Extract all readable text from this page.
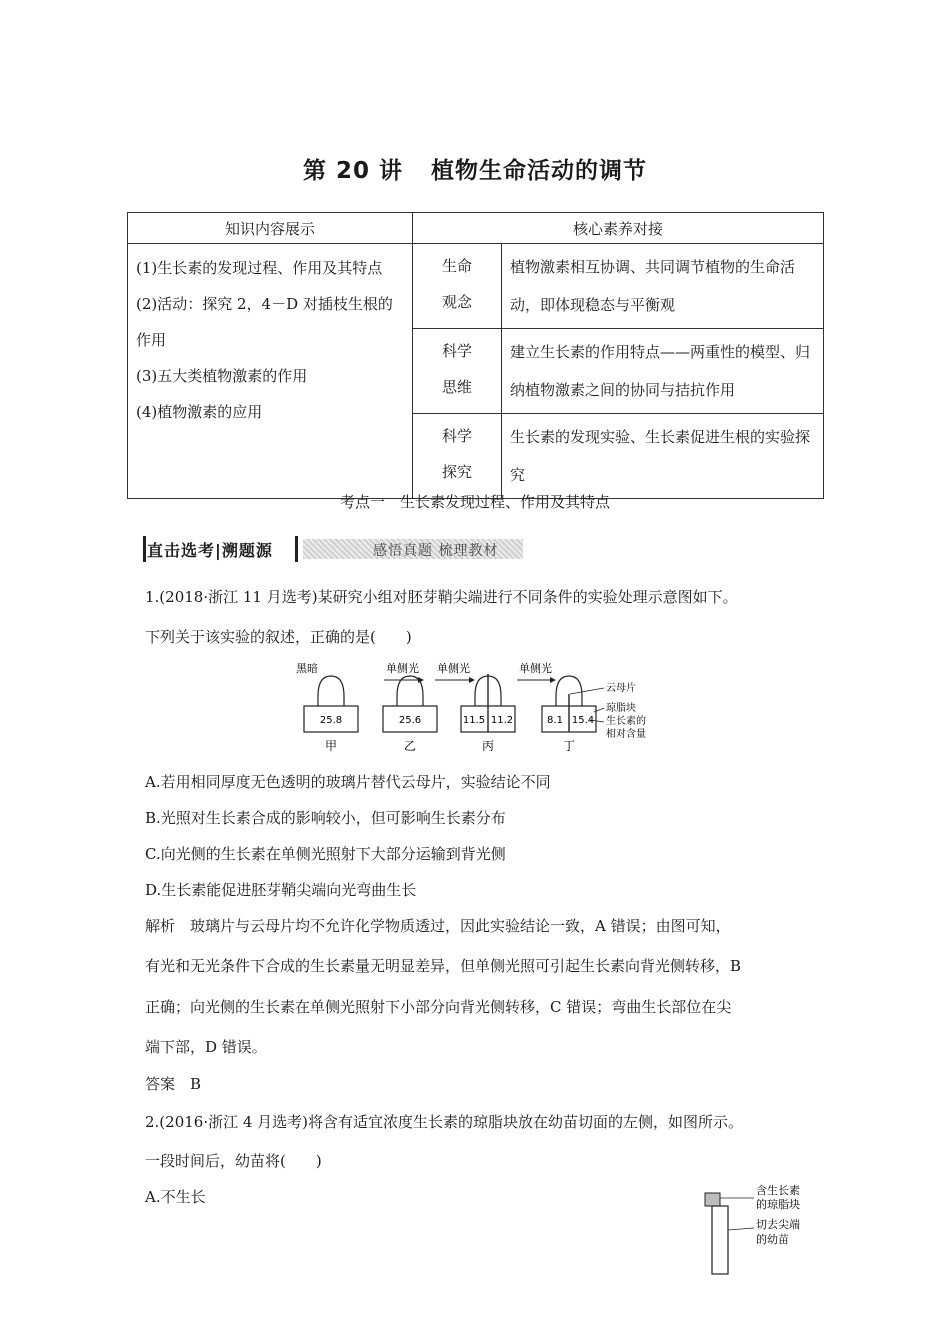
第 20 讲 植物生命活动的调节
知识内容展示	核心素养对接	

(1)生长素的发现过程、作用及其特点
(2)活动：探究 2，4－D 对插枝生根的作用
(3)五大类植物激素的作用
(4)植物激素的应用	生命观念	植物激素相互协调、共同调节植物的生命活动，即体现稳态与平衡观

	科学思维	建立生长素的作用特点——两重性的模型、归纳植物激素之间的协同与拮抗作用

	科学探究	生长素的发现实验、生长素促进生根的实验探究
考点一　生长素发现过程、作用及其特点
直击选考|溯题源	感悟真题 梳理教材
1.(2018·浙江 11 月选考)某研究小组对胚芽鞘尖端进行不同条件的实验处理示意图如下。
下列关于该实验的叙述，正确的是(　　)
黑暗
25.8
甲
单侧光
25.6
乙
单侧光
11.5 11.2
丙
单侧光
8.1 15.4
丁
云母片
琼脂块
生长素的
相对含量
A.若用相同厚度无色透明的玻璃片替代云母片，实验结论不同
B.光照对生长素合成的影响较小，但可影响生长素分布
C.向光侧的生长素在单侧光照射下大部分运输到背光侧
D.生长素能促进胚芽鞘尖端向光弯曲生长
解析　玻璃片与云母片均不允许化学物质透过，因此实验结论一致，A 错误；由图可知，
有光和无光条件下合成的生长素量无明显差异，但单侧光照可引起生长素向背光侧转移，B
正确；向光侧的生长素在单侧光照射下小部分向背光侧转移，C 错误；弯曲生长部位在尖
端下部，D 错误。
答案　B
2.(2016·浙江 4 月选考)将含有适宜浓度生长素的琼脂块放在幼苗切面的左侧，如图所示。
一段时间后，幼苗将(　　)
A.不生长	含生长素
的琼脂块
切去尖端
的幼苗
